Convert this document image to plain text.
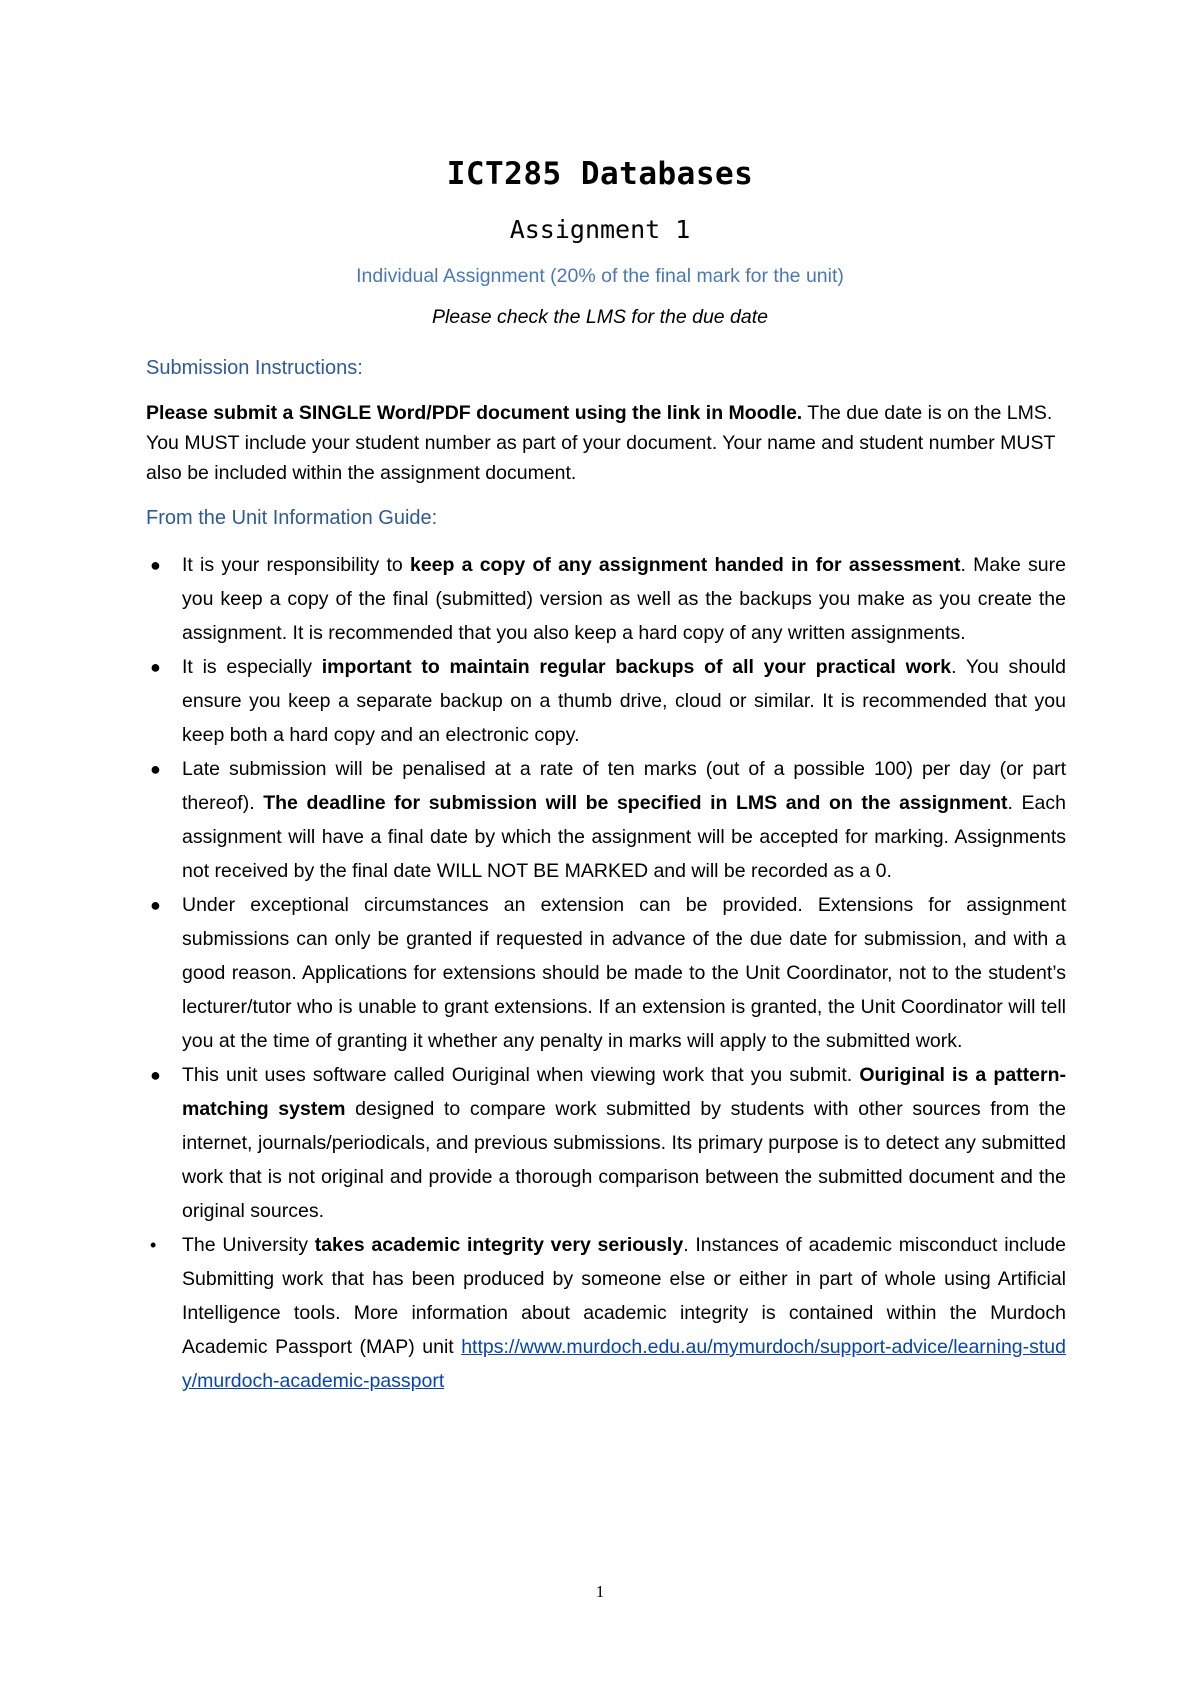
ICT285 Databases
Assignment 1
Individual Assignment (20% of the final mark for the unit)
Please check the LMS for the due date
Submission Instructions:
Please submit a SINGLE Word/PDF document using the link in Moodle. The due date is on the LMS. You MUST include your student number as part of your document. Your name and student number MUST also be included within the assignment document.
From the Unit Information Guide:
● It is your responsibility to keep a copy of any assignment handed in for assessment. Make sure you keep a copy of the final (submitted) version as well as the backups you make as you create the assignment. It is recommended that you also keep a hard copy of any written assignments.
● It is especially important to maintain regular backups of all your practical work. You should ensure you keep a separate backup on a thumb drive, cloud or similar. It is recommended that you keep both a hard copy and an electronic copy.
● Late submission will be penalised at a rate of ten marks (out of a possible 100) per day (or part thereof). The deadline for submission will be specified in LMS and on the assignment. Each assignment will have a final date by which the assignment will be accepted for marking. Assignments not received by the final date WILL NOT BE MARKED and will be recorded as a 0.
● Under exceptional circumstances an extension can be provided. Extensions for assignment submissions can only be granted if requested in advance of the due date for submission, and with a good reason. Applications for extensions should be made to the Unit Coordinator, not to the student’s lecturer/tutor who is unable to grant extensions. If an extension is granted, the Unit Coordinator will tell you at the time of granting it whether any penalty in marks will apply to the submitted work.
● This unit uses software called Ouriginal when viewing work that you submit. Ouriginal is a pattern-matching system designed to compare work submitted by students with other sources from the internet, journals/periodicals, and previous submissions. Its primary purpose is to detect any submitted work that is not original and provide a thorough comparison between the submitted document and the original sources.
• The University takes academic integrity very seriously. Instances of academic misconduct include Submitting work that has been produced by someone else or either in part of whole using Artificial Intelligence tools. More information about academic integrity is contained within the Murdoch Academic Passport (MAP) unit https://www.murdoch.edu.au/mymurdoch/support-advice/learning-study/murdoch-academic-passport
1
